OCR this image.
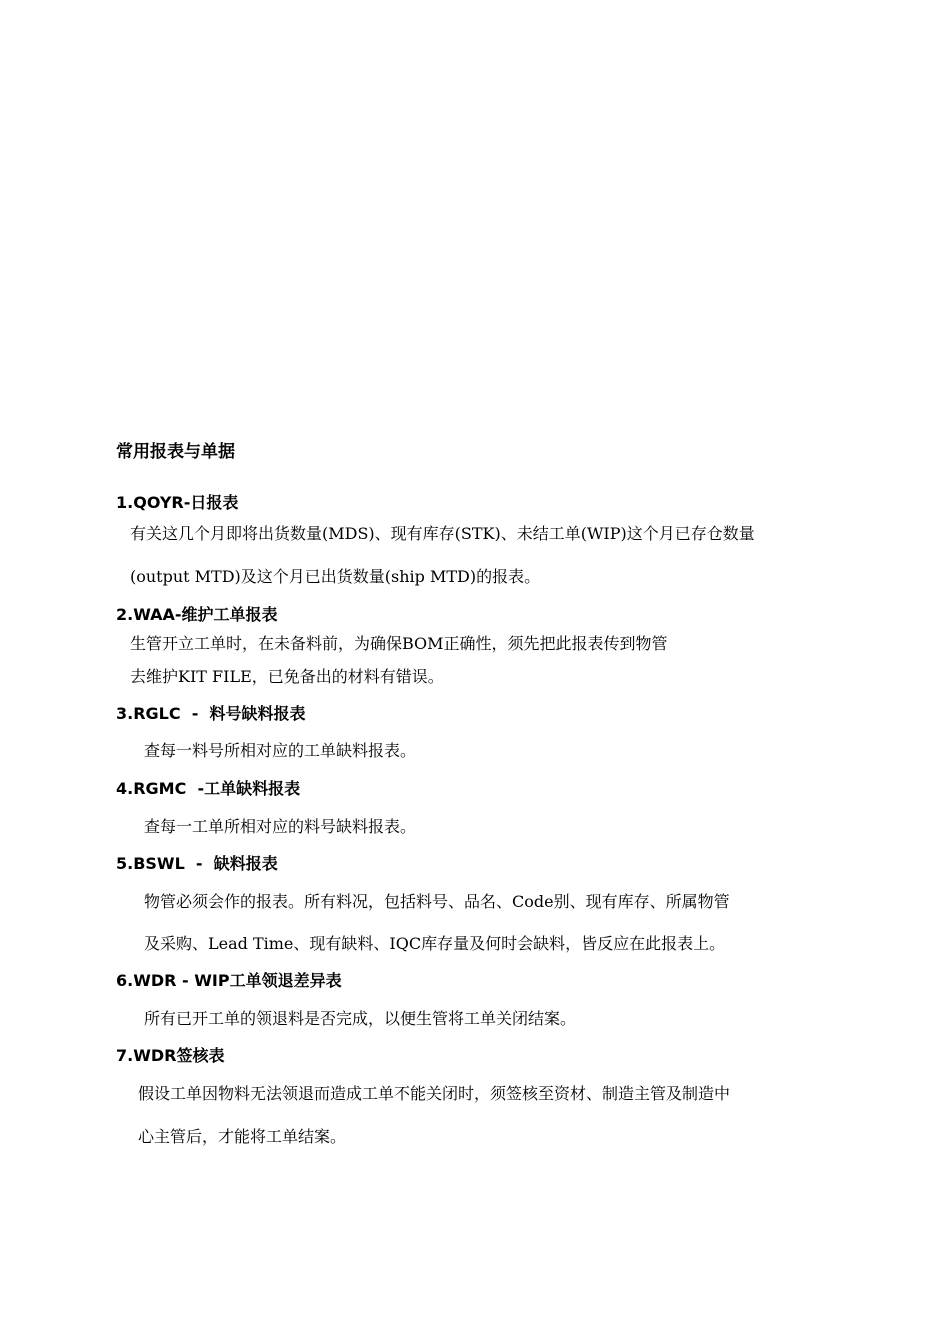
常用报表与单据
1.QOYR-日报表
有关这几个月即将出货数量(MDS)、现有库存(STK)、未结工单(WIP)这个月已存仓数量
(output MTD)及这个月已出货数量(ship MTD)的报表。
2.WAA-维护工单报表
生管开立工单时，在未备料前，为确保BOM正确性，须先把此报表传到物管
去维护KIT FILE，已免备出的材料有错误。
3.RGLC  -  料号缺料报表
查每一料号所相对应的工单缺料报表。
4.RGMC  -工单缺料报表
查每一工单所相对应的料号缺料报表。
5.BSWL  -  缺料报表
物管必须会作的报表。所有料况，包括料号、品名、Code别、现有库存、所属物管
及采购、Lead Time、现有缺料、IQC库存量及何时会缺料，皆反应在此报表上。
6.WDR - WIP工单领退差异表
所有已开工单的领退料是否完成，以便生管将工单关闭结案。
7.WDR签核表
假设工单因物料无法领退而造成工单不能关闭时，须签核至资材、制造主管及制造中
心主管后，才能将工单结案。
